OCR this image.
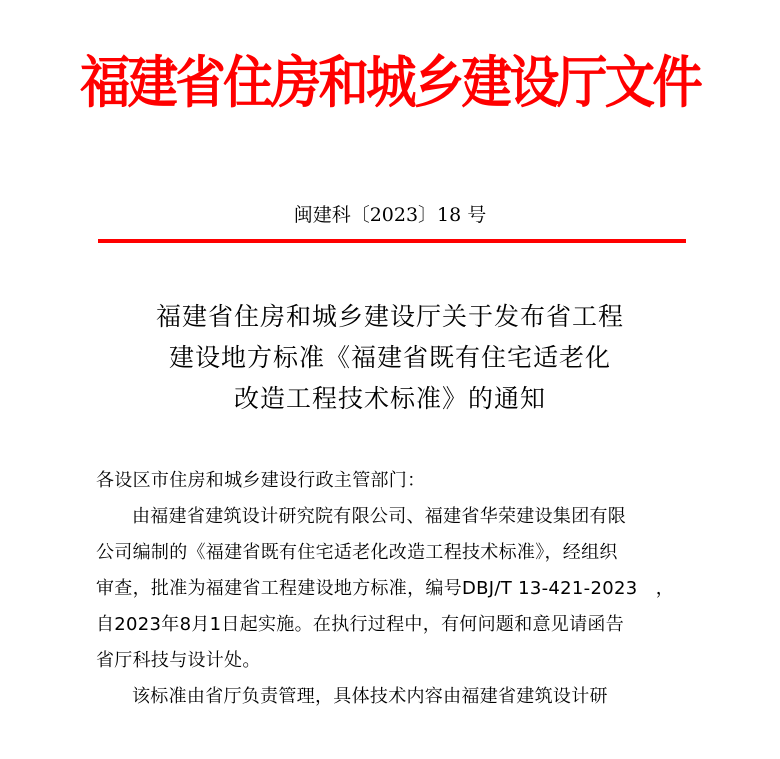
福建省住房和城乡建设厅文件
闽建科〔2023〕18 号
福建省住房和城乡建设厅关于发布省工程
建设地方标准《福建省既有住宅适老化
改造工程技术标准》的通知

各设区市住房和城乡建设行政主管部门：

由福建省建筑设计研究院有限公司、福建省华荣建设集团有限

公司编制的《福建省既有住宅适老化改造工程技术标准》，经组织

审查，批准为福建省工程建设地方标准，编号DBJ/T 13-421-2023　，

自2023年8月1日起实施。在执行过程中，有何问题和意见请函告

省厅科技与设计处。

该标准由省厅负责管理，具体技术内容由福建省建筑设计研
